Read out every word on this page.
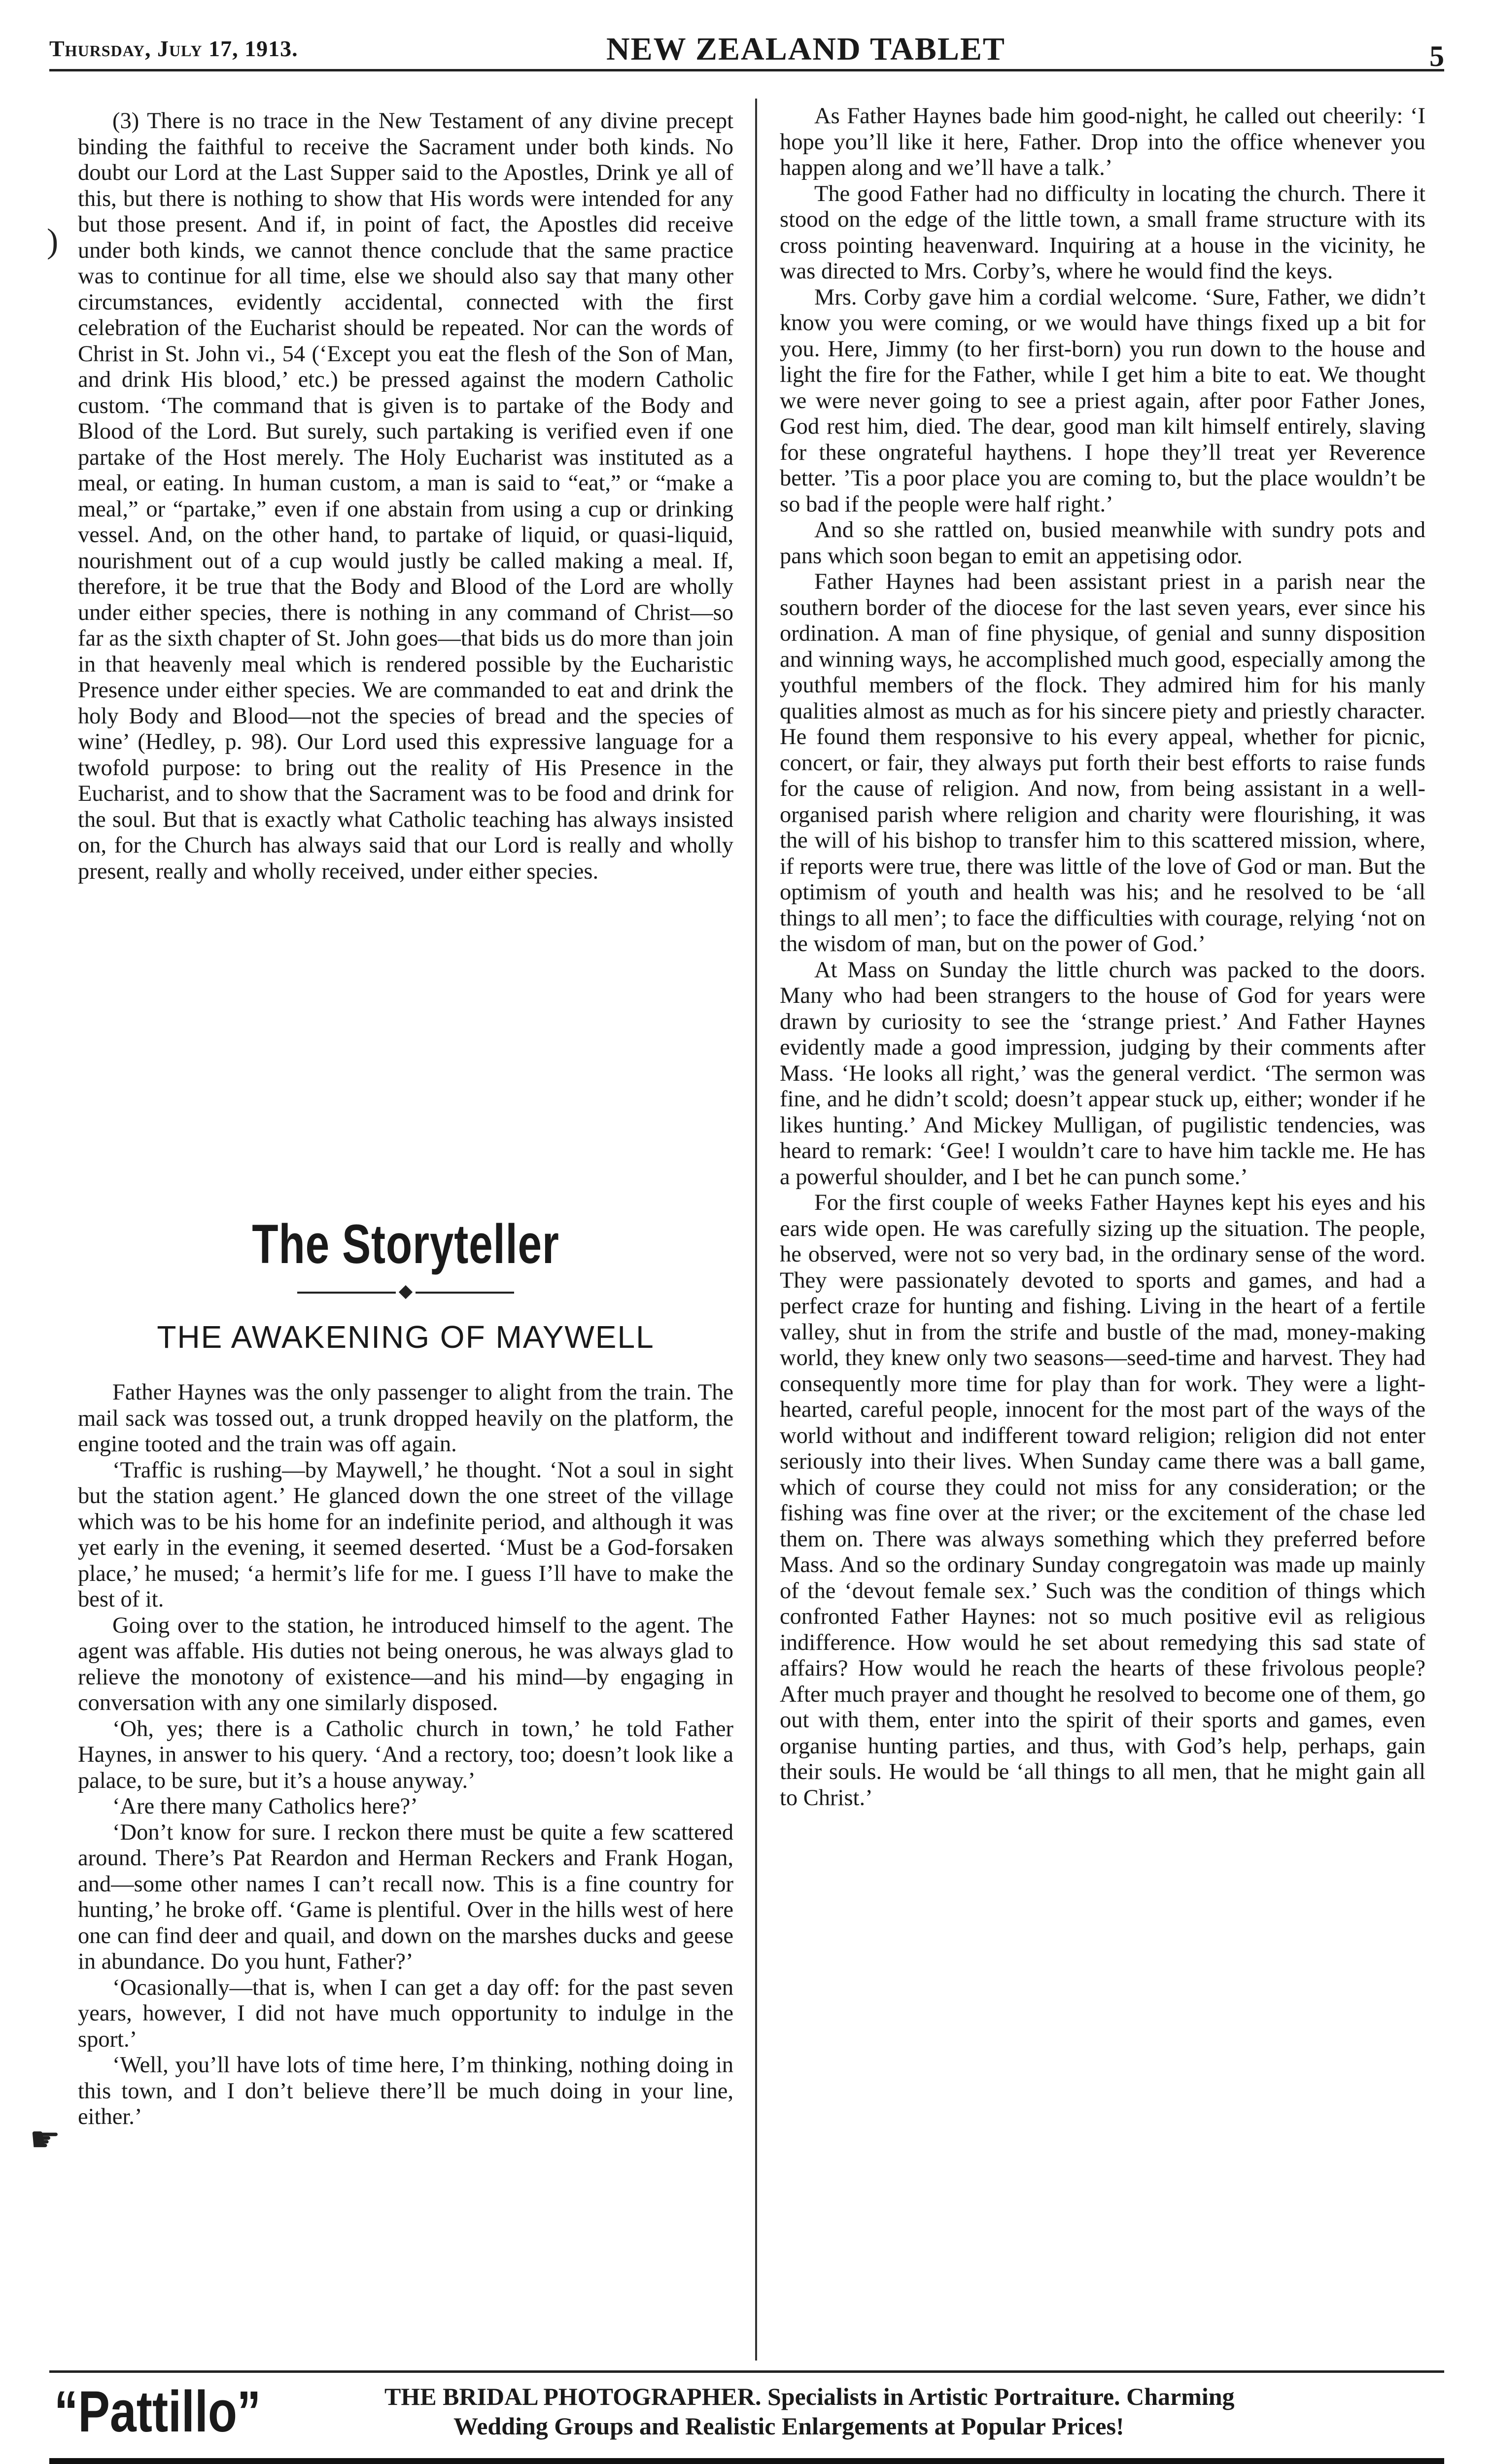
Thursday, July 17, 1913.	NEW ZEALAND TABLET	5

(3) There is no trace in the New Testament of any divine precept binding the faithful to receive the Sacrament under both kinds. No doubt our Lord at the Last Supper said to the Apostles, Drink ye all of this, but there is nothing to show that His words were intended for any but those present. And if, in point of fact, the Apostles did receive under both kinds, we cannot thence conclude that the same practice was to continue for all time, else we should also say that many other circumstances, evidently accidental, connected with the first celebration of the Eucharist should be repeated. Nor can the words of Christ in St. John vi., 54 (‘Except you eat the flesh of the Son of Man, and drink His blood,’ etc.) be pressed against the modern Catholic custom. ‘The command that is given is to partake of the Body and Blood of the Lord. But surely, such partaking is verified even if one partake of the Host merely. The Holy Eucharist was instituted as a meal, or eating. In human custom, a man is said to “eat,” or “make a meal,” or “partake,” even if one abstain from using a cup or drinking vessel. And, on the other hand, to partake of liquid, or quasi-liquid, nourishment out of a cup would justly be called making a meal. If, therefore, it be true that the Body and Blood of the Lord are wholly under either species, there is nothing in any command of Christ—so far as the sixth chapter of St. John goes—that bids us do more than join in that heavenly meal which is rendered possible by the Eucharistic Presence under either species. We are commanded to eat and drink the holy Body and Blood—not the species of bread and the species of wine’ (Hedley, p. 98). Our Lord used this expressive language for a twofold purpose: to bring out the reality of His Presence in the Eucharist, and to show that the Sacrament was to be food and drink for the soul. But that is exactly what Catholic teaching has always insisted on, for the Church has always said that our Lord is really and wholly present, really and wholly received, under either species.

The Storyteller
THE AWAKENING OF MAYWELL

Father Haynes was the only passenger to alight from the train. The mail sack was tossed out, a trunk dropped heavily on the platform, the engine tooted and the train was off again.

‘Traffic is rushing—by Maywell,’ he thought. ‘Not a soul in sight but the station agent.’ He glanced down the one street of the village which was to be his home for an indefinite period, and although it was yet early in the evening, it seemed deserted. ‘Must be a God-forsaken place,’ he mused; ‘a hermit’s life for me. I guess I’ll have to make the best of it.

Going over to the station, he introduced himself to the agent. The agent was affable. His duties not being onerous, he was always glad to relieve the monotony of existence—and his mind—by engaging in conversation with any one similarly disposed.

‘Oh, yes; there is a Catholic church in town,’ he told Father Haynes, in answer to his query. ‘And a rectory, too; doesn’t look like a palace, to be sure, but it’s a house anyway.’

‘Are there many Catholics here?’

‘Don’t know for sure. I reckon there must be quite a few scattered around. There’s Pat Reardon and Herman Reckers and Frank Hogan, and—some other names I can’t recall now. This is a fine country for hunting,’ he broke off. ‘Game is plentiful. Over in the hills west of here one can find deer and quail, and down on the marshes ducks and geese in abundance. Do you hunt, Father?’

‘Ocasionally—that is, when I can get a day off: for the past seven years, however, I did not have much opportunity to indulge in the sport.’

‘Well, you’ll have lots of time here, I’m thinking, nothing doing in this town, and I don’t believe there’ll be much doing in your line, either.’

As Father Haynes bade him good-night, he called out cheerily: ‘I hope you’ll like it here, Father. Drop into the office whenever you happen along and we’ll have a talk.’

The good Father had no difficulty in locating the church. There it stood on the edge of the little town, a small frame structure with its cross pointing heavenward. Inquiring at a house in the vicinity, he was directed to Mrs. Corby’s, where he would find the keys.

Mrs. Corby gave him a cordial welcome. ‘Sure, Father, we didn’t know you were coming, or we would have things fixed up a bit for you. Here, Jimmy (to her first-born) you run down to the house and light the fire for the Father, while I get him a bite to eat. We thought we were never going to see a priest again, after poor Father Jones, God rest him, died. The dear, good man kilt himself entirely, slaving for these ongrateful haythens. I hope they’ll treat yer Reverence better. ’Tis a poor place you are coming to, but the place wouldn’t be so bad if the people were half right.’

And so she rattled on, busied meanwhile with sundry pots and pans which soon began to emit an appetising odor.

Father Haynes had been assistant priest in a parish near the southern border of the diocese for the last seven years, ever since his ordination. A man of fine physique, of genial and sunny disposition and winning ways, he accomplished much good, especially among the youthful members of the flock. They admired him for his manly qualities almost as much as for his sincere piety and priestly character. He found them responsive to his every appeal, whether for picnic, concert, or fair, they always put forth their best efforts to raise funds for the cause of religion. And now, from being assistant in a well-organised parish where religion and charity were flourishing, it was the will of his bishop to transfer him to this scattered mission, where, if reports were true, there was little of the love of God or man. But the optimism of youth and health was his; and he resolved to be ‘all things to all men’; to face the difficulties with courage, relying ‘not on the wisdom of man, but on the power of God.’

At Mass on Sunday the little church was packed to the doors. Many who had been strangers to the house of God for years were drawn by curiosity to see the ‘strange priest.’ And Father Haynes evidently made a good impression, judging by their comments after Mass. ‘He looks all right,’ was the general verdict. ‘The sermon was fine, and he didn’t scold; doesn’t appear stuck up, either; wonder if he likes hunting.’ And Mickey Mulligan, of pugilistic tendencies, was heard to remark: ‘Gee! I wouldn’t care to have him tackle me. He has a powerful shoulder, and I bet he can punch some.’

For the first couple of weeks Father Haynes kept his eyes and his ears wide open. He was carefully sizing up the situation. The people, he observed, were not so very bad, in the ordinary sense of the word. They were passionately devoted to sports and games, and had a perfect craze for hunting and fishing. Living in the heart of a fertile valley, shut in from the strife and bustle of the mad, money-making world, they knew only two seasons—seed-time and harvest. They had consequently more time for play than for work. They were a light-hearted, careful people, innocent for the most part of the ways of the world without and indifferent toward religion; religion did not enter seriously into their lives. When Sunday came there was a ball game, which of course they could not miss for any consideration; or the fishing was fine over at the river; or the excitement of the chase led them on. There was always something which they preferred before Mass. And so the ordinary Sunday congregatoin was made up mainly of the ‘devout female sex.’ Such was the condition of things which confronted Father Haynes: not so much positive evil as religious indifference. How would he set about remedying this sad state of affairs? How would he reach the hearts of these frivolous people? After much prayer and thought he resolved to become one of them, go out with them, enter into the spirit of their sports and games, even organise hunting parties, and thus, with God’s help, perhaps, gain their souls. He would be ‘all things to all men, that he might gain all to Christ.’

)
☛
“Pattillo”	THE BRIDAL PHOTOGRAPHER. Specialists in Artistic Portraiture. Charming
Wedding Groups and Realistic Enlargements at Popular Prices!
